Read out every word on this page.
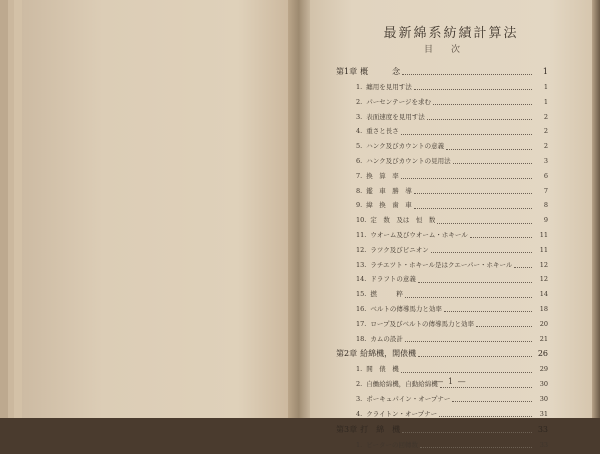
最新綿系紡績計算法
目次
第1章 概　　　念	1
1. 纏用を見用す法	1
2. パーセンテージを求む	1
3. 表面速度を見用す法	2
4. 重さと長さ	2
5. ハンク及びカウントの意義	2
6. ハンク及びカウントの見用法	3
7. 換　算　率	6
8. 鑑　車　勝　導	7
9. 緯　換　歯　車	8
10. 定　数　及は　恒　数	9
11. ウオーム及びウオーム・ホキール	11
12. ラツク及びピニオン	11
13. ラチエツト・ホキール是はクエーパー・ホキール	12
14. ドラフトの意義	12
15. 撚　　　粹	14
16. ベルトの傳導馬力と効率	18
17. ロープ及びベルトの傳導馬力と効率	20
18. カムの設計	21
第2章 給綿機，開俵機	26
1. 開　俵　機	29
2. 自働給綿機，自動給綿機	30
3. ポーキュパイン・オープナー	30
4. クライトン・オープナー	31
第3章 打　綿　機	33
1. ビーターの回轉数	33
— 1 —
